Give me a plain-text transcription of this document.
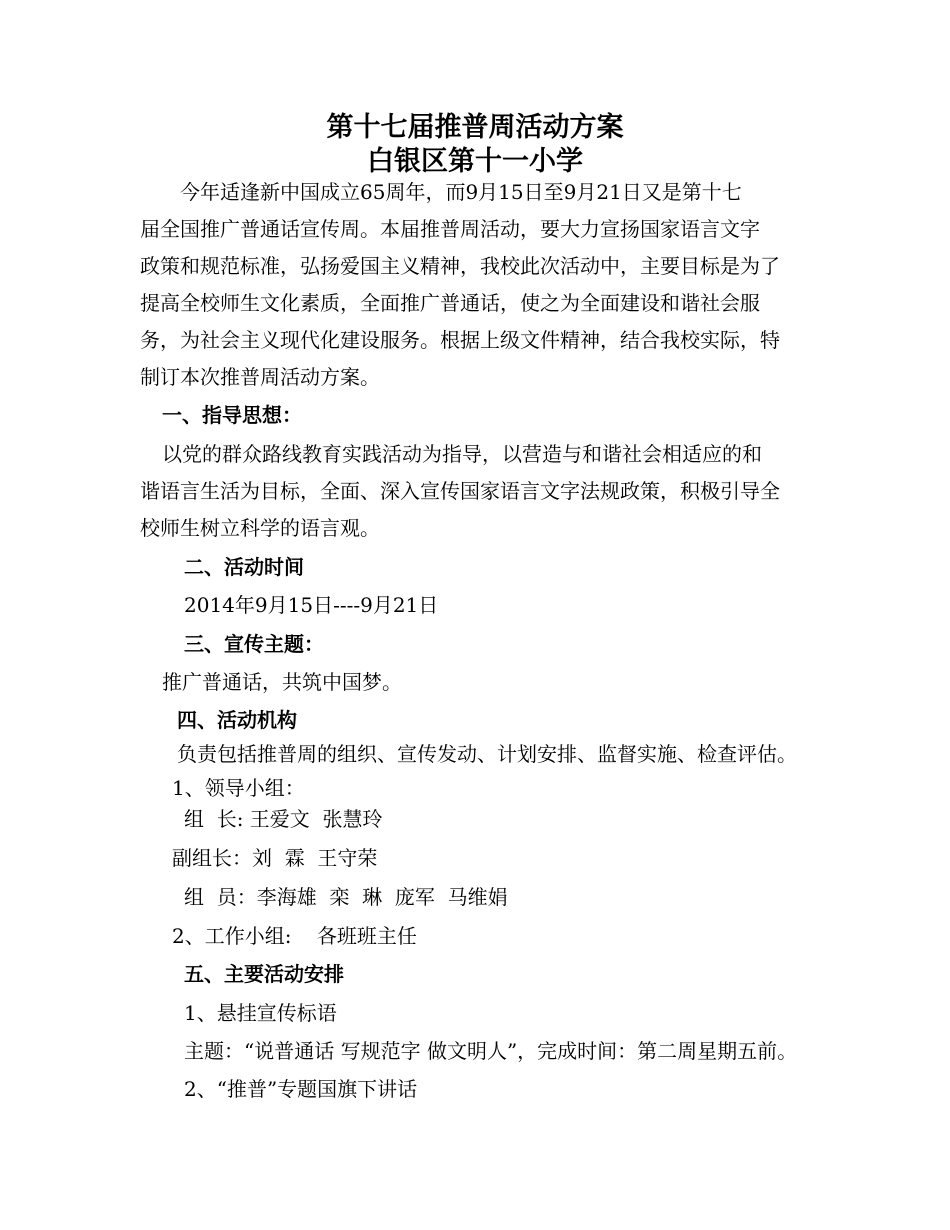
第十七届推普周活动方案
白银区第十一小学
今年适逢新中国成立65周年，而9月15日至9月21日又是第十七
届全国推广普通话宣传周。本届推普周活动，要大力宣扬国家语言文字
政策和规范标准，弘扬爱国主义精神，我校此次活动中，主要目标是为了
提高全校师生文化素质，全面推广普通话，使之为全面建设和谐社会服
务，为社会主义现代化建设服务。根据上级文件精神，结合我校实际，特
制订本次推普周活动方案。
一、指导思想：
以党的群众路线教育实践活动为指导，以营造与和谐社会相适应的和
谐语言生活为目标，全面、深入宣传国家语言文字法规政策，积极引导全
校师生树立科学的语言观。
二、活动时间
2014年9月15日----9月21日
三、宣传主题：
推广普通话，共筑中国梦。
四、活动机构
负责包括推普周的组织、宣传发动、计划安排、监督实施、检查评估。
1、领导小组：
组  长: 王爱文  张慧玲
副组长：刘  霖  王守荣
组  员：李海雄  栾  琳  庞军  马维娟
2、工作小组:    各班班主任
五、主要活动安排
1、悬挂宣传标语
主题：“说普通话 写规范字 做文明人”，完成时间：第二周星期五前。
2、“推普”专题国旗下讲话
